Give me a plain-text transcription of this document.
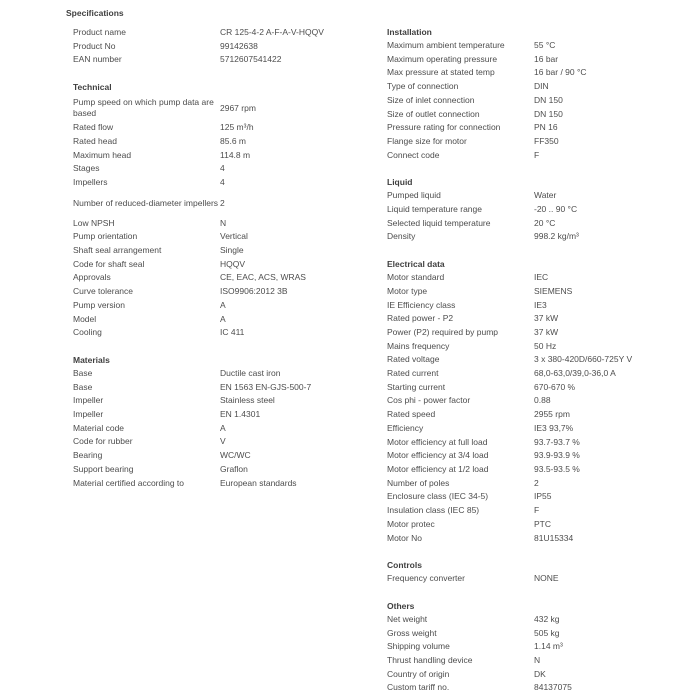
Specifications
Product name	CR 125-4-2 A-F-A-V-HQQV
Product No	99142638
EAN number	5712607541422
Technical
Pump speed on which pump data are based	2967 rpm
Rated flow	125 m³/h
Rated head	85.6 m
Maximum head	114.8 m
Stages	4
Impellers	4
Number of reduced-diameter impellers 2
Low NPSH	N
Pump orientation	Vertical
Shaft seal arrangement	Single
Code for shaft seal	HQQV
Approvals	CE, EAC, ACS, WRAS
Curve tolerance	ISO9906:2012 3B
Pump version	A
Model	A
Cooling	IC 411
Materials
Base	Ductile cast iron
Base	EN 1563 EN-GJS-500-7
Impeller	Stainless steel
Impeller	EN 1.4301
Material code	A
Code for rubber	V
Bearing	WC/WC
Support bearing	Graflon
Material certified according to	European standards
Installation
Maximum ambient temperature	55 °C
Maximum operating pressure	16 bar
Max pressure at stated temp	16 bar / 90 °C
Type of connection	DIN
Size of inlet connection	DN 150
Size of outlet connection	DN 150
Pressure rating for connection	PN 16
Flange size for motor	FF350
Connect code	F
Liquid
Pumped liquid	Water
Liquid temperature range	-20 .. 90 °C
Selected liquid temperature	20 °C
Density	998.2 kg/m³
Electrical data
Motor standard	IEC
Motor type	SIEMENS
IE Efficiency class	IE3
Rated power - P2	37 kW
Power (P2) required by pump	37 kW
Mains frequency	50 Hz
Rated voltage	3 x 380-420D/660-725Y V
Rated current	68,0-63,0/39,0-36,0 A
Starting current	670-670 %
Cos phi - power factor	0.88
Rated speed	2955 rpm
Efficiency	IE3 93,7%
Motor efficiency at full load	93.7-93.7 %
Motor efficiency at 3/4 load	93.9-93.9 %
Motor efficiency at 1/2 load	93.5-93.5 %
Number of poles	2
Enclosure class (IEC 34-5)	IP55
Insulation class (IEC 85)	F
Motor protec	PTC
Motor No	81U15334
Controls
Frequency converter	NONE
Others
Net weight	432 kg
Gross weight	505 kg
Shipping volume	1.14 m³
Thrust handling device	N
Country of origin	DK
Custom tariff no.	84137075
